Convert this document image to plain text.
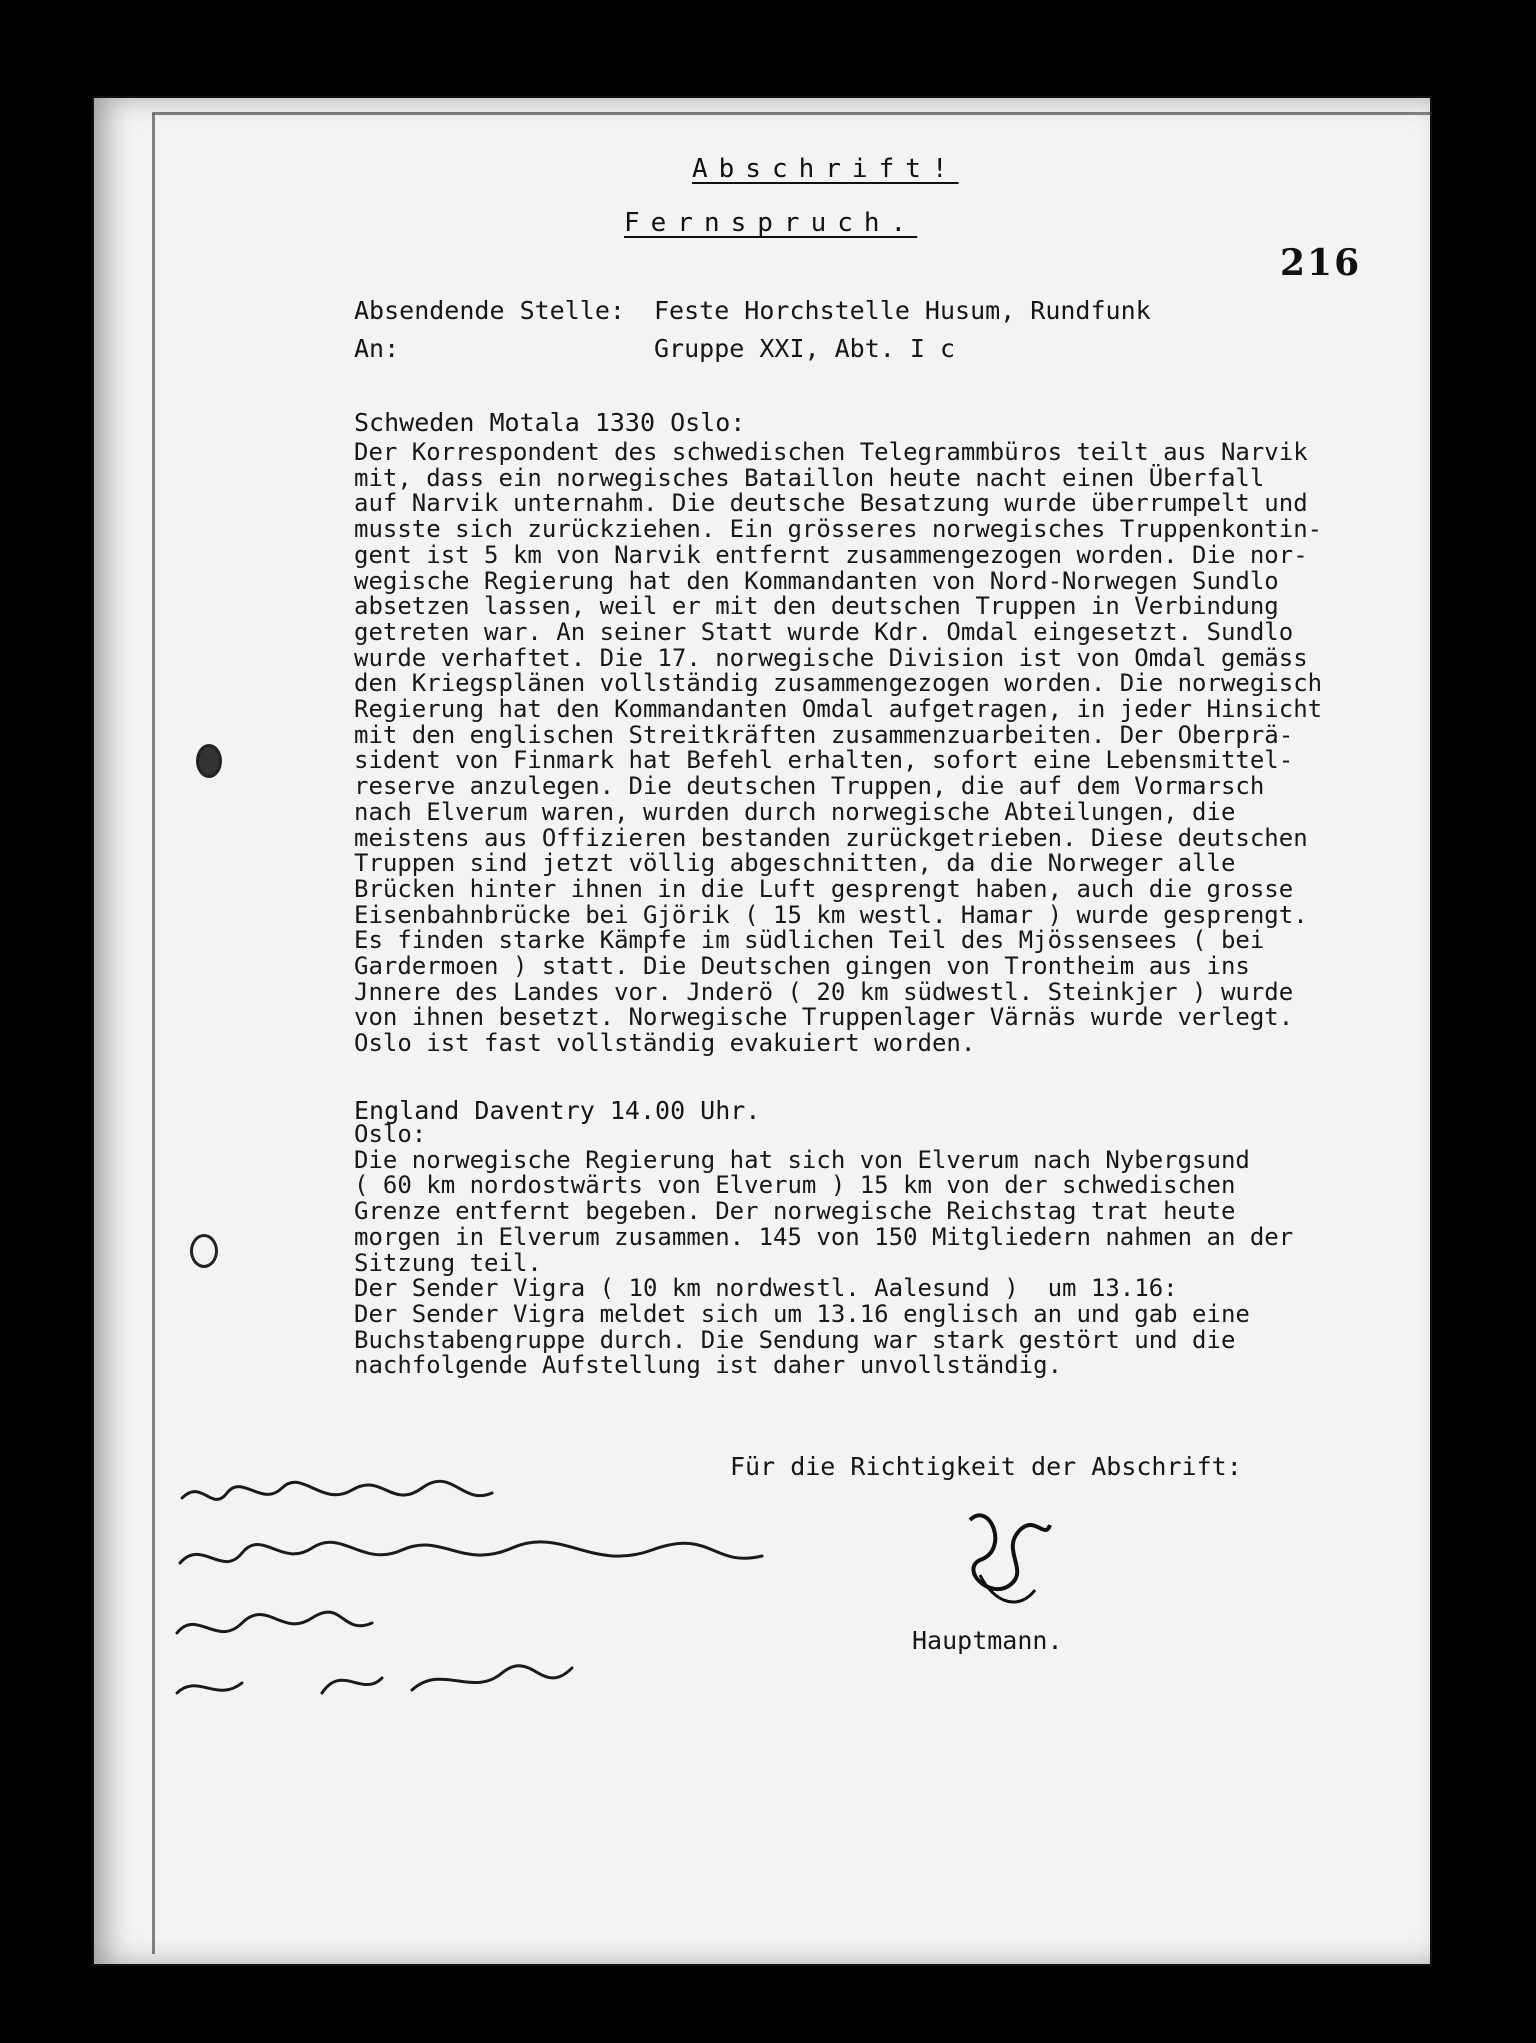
Abschrift!
Fernspruch.
216
Absendende Stelle: Feste Horchstelle Husum, Rundfunk
An:	Gruppe XXI, Abt. I c
Schweden Motala 1330 Oslo:
Der Korrespondent des schwedischen Telegrammbüros teilt aus Narvik
mit, dass ein norwegisches Bataillon heute nacht einen Überfall
auf Narvik unternahm. Die deutsche Besatzung wurde überrumpelt und
musste sich zurückziehen. Ein grösseres norwegisches Truppenkontin-
gent ist 5 km von Narvik entfernt zusammengezogen worden. Die nor-
wegische Regierung hat den Kommandanten von Nord-Norwegen Sundlo
absetzen lassen, weil er mit den deutschen Truppen in Verbindung
getreten war. An seiner Statt wurde Kdr. Omdal eingesetzt. Sundlo
wurde verhaftet. Die 17. norwegische Division ist von Omdal gemäss
den Kriegsplänen vollständig zusammengezogen worden. Die norwegisch
Regierung hat den Kommandanten Omdal aufgetragen, in jeder Hinsicht
mit den englischen Streitkräften zusammenzuarbeiten. Der Oberprä-
sident von Finmark hat Befehl erhalten, sofort eine Lebensmittel-
reserve anzulegen. Die deutschen Truppen, die auf dem Vormarsch
nach Elverum waren, wurden durch norwegische Abteilungen, die
meistens aus Offizieren bestanden zurückgetrieben. Diese deutschen
Truppen sind jetzt völlig abgeschnitten, da die Norweger alle
Brücken hinter ihnen in die Luft gesprengt haben, auch die grosse
Eisenbahnbrücke bei Gjörik ( 15 km westl. Hamar ) wurde gesprengt.
Es finden starke Kämpfe im südlichen Teil des Mjössensees ( bei
Gardermoen ) statt. Die Deutschen gingen von Trontheim aus ins
Jnnere des Landes vor. Jnderö ( 20 km südwestl. Steinkjer ) wurde
von ihnen besetzt. Norwegische Truppenlager Värnäs wurde verlegt.
Oslo ist fast vollständig evakuiert worden.
England Daventry 14.00 Uhr.
Oslo:
Die norwegische Regierung hat sich von Elverum nach Nybergsund
( 60 km nordostwärts von Elverum ) 15 km von der schwedischen
Grenze entfernt begeben. Der norwegische Reichstag trat heute
morgen in Elverum zusammen. 145 von 150 Mitgliedern nahmen an der
Sitzung teil.
Der Sender Vigra ( 10 km nordwestl. Aalesund )  um 13.16:
Der Sender Vigra meldet sich um 13.16 englisch an und gab eine
Buchstabengruppe durch. Die Sendung war stark gestört und die
nachfolgende Aufstellung ist daher unvollständig.
Für die Richtigkeit der Abschrift:
Hauptmann.
